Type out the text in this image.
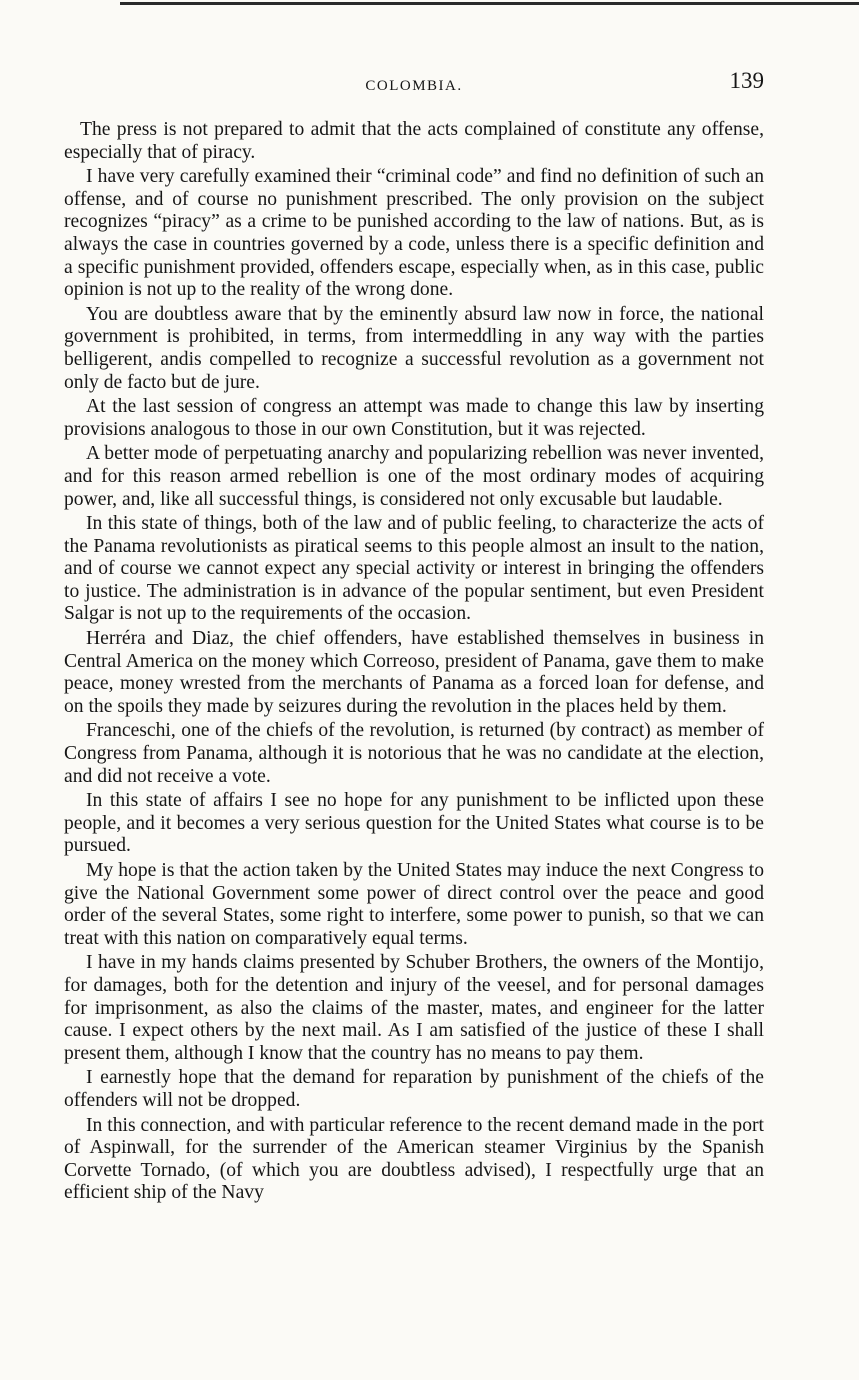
COLOMBIA.	139

The press is not prepared to admit that the acts complained of constitute any offense, especially that of piracy.

I have very carefully examined their “criminal code” and find no definition of such an offense, and of course no punishment prescribed. The only provision on the subject recognizes “piracy” as a crime to be punished according to the law of nations. But, as is always the case in countries governed by a code, unless there is a specific definition and a specific punishment provided, offenders escape, especially when, as in this case, public opinion is not up to the reality of the wrong done.

You are doubtless aware that by the eminently absurd law now in force, the national government is prohibited, in terms, from intermeddling in any way with the parties belligerent, andis compelled to recognize a successful revolution as a government not only de facto but de jure.

At the last session of congress an attempt was made to change this law by inserting provisions analogous to those in our own Constitution, but it was rejected.

A better mode of perpetuating anarchy and popularizing rebellion was never invented, and for this reason armed rebellion is one of the most ordinary modes of acquiring power, and, like all successful things, is considered not only excusable but laudable.

In this state of things, both of the law and of public feeling, to characterize the acts of the Panama revolutionists as piratical seems to this people almost an insult to the nation, and of course we cannot expect any special activity or interest in bringing the offenders to justice. The administration is in advance of the popular sentiment, but even President Salgar is not up to the requirements of the occasion.

Herréra and Diaz, the chief offenders, have established themselves in business in Central America on the money which Correoso, president of Panama, gave them to make peace, money wrested from the merchants of Panama as a forced loan for defense, and on the spoils they made by seizures during the revolution in the places held by them.

Franceschi, one of the chiefs of the revolution, is returned (by contract) as member of Congress from Panama, although it is notorious that he was no candidate at the election, and did not receive a vote.

In this state of affairs I see no hope for any punishment to be inflicted upon these people, and it becomes a very serious question for the United States what course is to be pursued.

My hope is that the action taken by the United States may induce the next Congress to give the National Government some power of direct control over the peace and good order of the several States, some right to interfere, some power to punish, so that we can treat with this nation on comparatively equal terms.

I have in my hands claims presented by Schuber Brothers, the owners of the Montijo, for damages, both for the detention and injury of the veesel, and for personal damages for imprisonment, as also the claims of the master, mates, and engineer for the latter cause. I expect others by the next mail. As I am satisfied of the justice of these I shall present them, although I know that the country has no means to pay them.

I earnestly hope that the demand for reparation by punishment of the chiefs of the offenders will not be dropped.

In this connection, and with particular reference to the recent demand made in the port of Aspinwall, for the surrender of the American steamer Virginius by the Spanish Corvette Tornado, (of which you are doubtless advised), I respectfully urge that an efficient ship of the Navy
